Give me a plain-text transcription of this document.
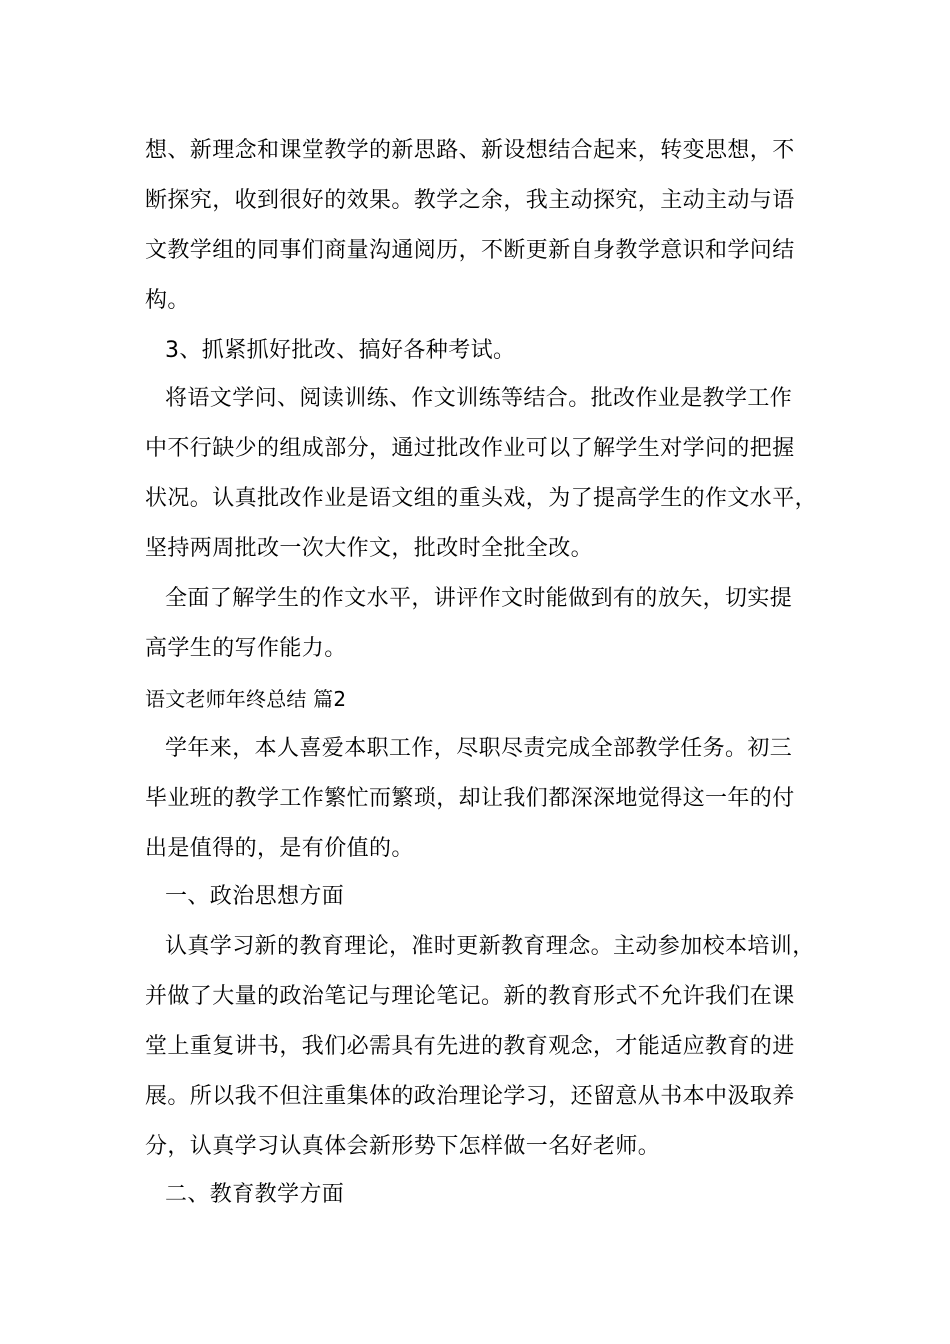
想、新理念和课堂教学的新思路、新设想结合起来，转变思想，不
断探究，收到很好的效果。教学之余，我主动探究，主动主动与语
文教学组的同事们商量沟通阅历，不断更新自身教学意识和学问结
构。
3、抓紧抓好批改、搞好各种考试。
将语文学问、阅读训练、作文训练等结合。批改作业是教学工作
中不行缺少的组成部分，通过批改作业可以了解学生对学问的把握
状况。认真批改作业是语文组的重头戏，为了提高学生的作文水平，
坚持两周批改一次大作文，批改时全批全改。
全面了解学生的作文水平，讲评作文时能做到有的放矢，切实提
高学生的写作能力。
语文老师年终总结 篇2
学年来，本人喜爱本职工作，尽职尽责完成全部教学任务。初三
毕业班的教学工作繁忙而繁琐，却让我们都深深地觉得这一年的付
出是值得的，是有价值的。
一、政治思想方面
认真学习新的教育理论，准时更新教育理念。主动参加校本培训，
并做了大量的政治笔记与理论笔记。新的教育形式不允许我们在课
堂上重复讲书，我们必需具有先进的教育观念，才能适应教育的进
展。所以我不但注重集体的政治理论学习，还留意从书本中汲取养
分，认真学习认真体会新形势下怎样做一名好老师。
二、教育教学方面
